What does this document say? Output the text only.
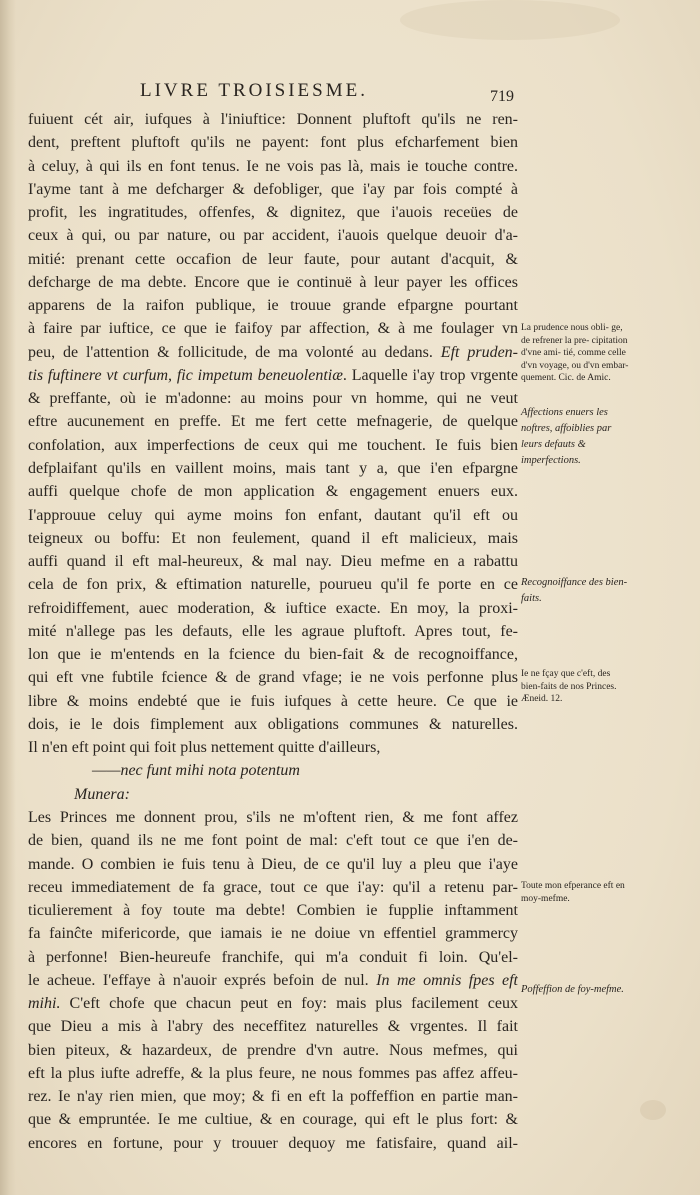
LIVRE TROISIESME.	719
fuiuent cét air, iufques à l'iniuftice: Donnent pluftoft qu'ils ne ren-
dent, preftent pluftoft qu'ils ne payent: font plus efcharfement bien
à celuy, à qui ils en font tenus. Ie ne vois pas là, mais ie touche contre.
I'ayme tant à me defcharger & defobliger, que i'ay par fois compté à
profit, les ingratitudes, offenfes, & dignitez, que i'auois receües de
ceux à qui, ou par nature, ou par accident, i'auois quelque deuoir d'a-
mitié: prenant cette occafion de leur faute, pour autant d'acquit, &
defcharge de ma debte. Encore que ie continuë à leur payer les offices
apparens de la raifon publique, ie trouue grande efpargne pourtant
à faire par iuftice, ce que ie faifoy par affection, & à me foulager vn
peu, de l'attention & follicitude, de ma volonté au dedans. Eft pruden-
tis fuftinere vt curfum, fic impetum beneuolentiæ. Laquelle i'ay trop vrgente
& preffante, où ie m'adonne: au moins pour vn homme, qui ne veut
eftre aucunement en preffe. Et me fert cette mefnagerie, de quelque
confolation, aux imperfections de ceux qui me touchent. Ie fuis bien
defplaifant qu'ils en vaillent moins, mais tant y a, que i'en efpargne
auffi quelque chofe de mon application & engagement enuers eux.
I'approuue celuy qui ayme moins fon enfant, dautant qu'il eft ou
teigneux ou boffu: Et non feulement, quand il eft malicieux, mais
auffi quand il eft mal-heureux, & mal nay. Dieu mefme en a rabattu
cela de fon prix, & eftimation naturelle, pourueu qu'il fe porte en ce
refroidiffement, auec moderation, & iuftice exacte. En moy, la proxi-
mité n'allege pas les defauts, elle les agraue pluftoft. Apres tout, fe-
lon que ie m'entends en la fcience du bien-fait & de recognoiffance,
qui eft vne fubtile fcience & de grand vfage; ie ne vois perfonne plus
libre & moins endebté que ie fuis iufques à cette heure. Ce que ie
dois, ie le dois fimplement aux obligations communes & naturelles.
Il n'en eft point qui foit plus nettement quitte d'ailleurs,
——nec funt mihi nota potentum
Munera:
Les Princes me donnent prou, s'ils ne m'oftent rien, & me font affez
de bien, quand ils ne me font point de mal: c'eft tout ce que i'en de-
mande. O combien ie fuis tenu à Dieu, de ce qu'il luy a pleu que i'aye
receu immediatement de fa grace, tout ce que i'ay: qu'il a retenu par-
ticulierement à foy toute ma debte! Combien ie fupplie inftamment
fa fainĉte mifericorde, que iamais ie ne doiue vn effentiel grammercy
à perfonne! Bien-heureufe franchife, qui m'a conduit fi loin. Qu'el-
le acheue. I'effaye à n'auoir exprés befoin de nul. In me omnis fpes eft
mihi. C'eft chofe que chacun peut en foy: mais plus facilement ceux
que Dieu a mis à l'abry des neceffitez naturelles & vrgentes. Il fait
bien piteux, & hazardeux, de prendre d'vn autre. Nous mefmes, qui
eft la plus iufte adreffe, & la plus feure, ne nous fommes pas affez affeu-
rez. Ie n'ay rien mien, que moy; & fi en eft la poffeffion en partie man-
que & empruntée. Ie me cultiue, & en courage, qui eft le plus fort: &
encores en fortune, pour y trouuer dequoy me fatisfaire, quand ail-
La prudence nous obli- ge, de refrener la pre- cipitation d'vne ami- tié, comme celle d'vn voyage, ou d'vn embar- quement. Cic. de Amic.
Affections enuers les noftres, affoiblies par leurs defauts & imperfections.
Recognoiffance des bien-faits.
Ie ne fçay que c'eft, des bien-faits de nos Princes. Æneid. 12.
Toute mon efperance eft en moy-mefme.
Poffeffion de foy-mefme.
